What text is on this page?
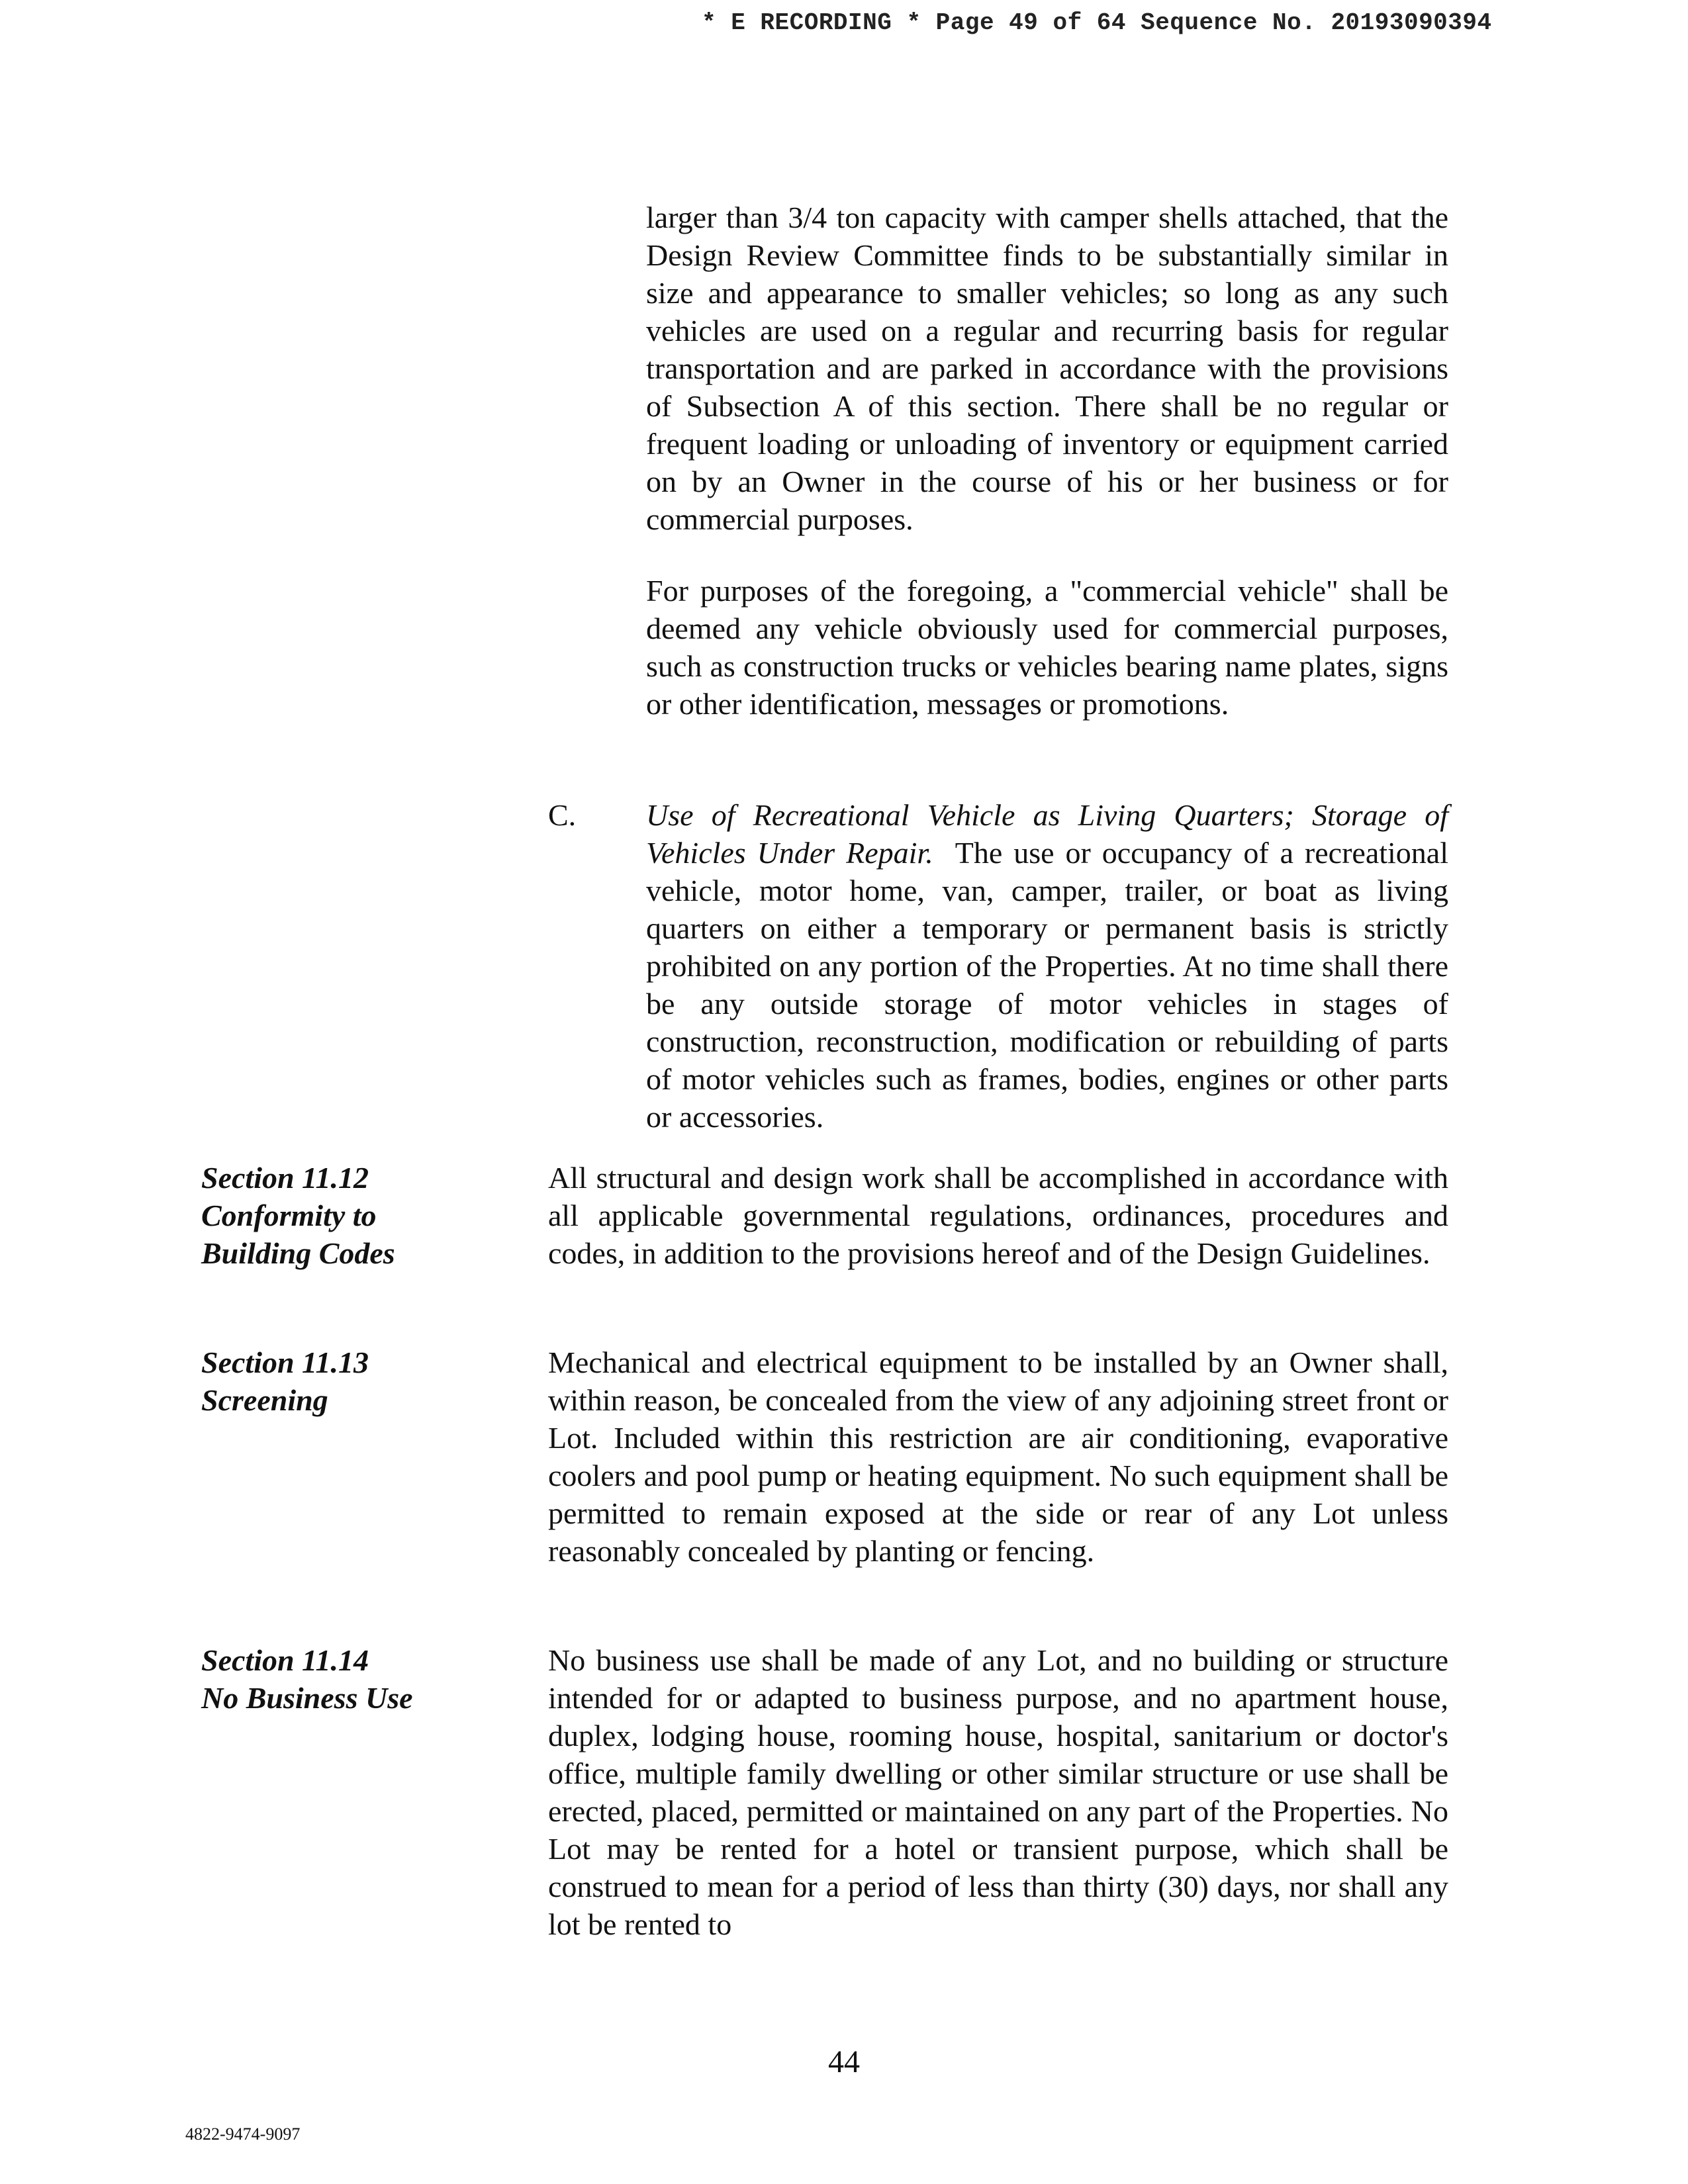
* E RECORDING * Page 49 of 64 Sequence No. 20193090394

larger than 3/4 ton capacity with camper shells attached, that the Design Review Committee finds to be substantially similar in size and appearance to smaller vehicles; so long as any such vehicles are used on a regular and recurring basis for regular transportation and are parked in accordance with the provisions of Subsection A of this section. There shall be no regular or frequent loading or unloading of inventory or equipment carried on by an Owner in the course of his or her business or for commercial purposes.

For purposes of the foregoing, a "commercial vehicle" shall be deemed any vehicle obviously used for commercial purposes, such as construction trucks or vehicles bearing name plates, signs or other identification, messages or promotions.

C. Use of Recreational Vehicle as Living Quarters; Storage of Vehicles Under Repair. The use or occupancy of a recreational vehicle, motor home, van, camper, trailer, or boat as living quarters on either a temporary or permanent basis is strictly prohibited on any portion of the Properties. At no time shall there be any outside storage of motor vehicles in stages of construction, reconstruction, modification or rebuilding of parts of motor vehicles such as frames, bodies, engines or other parts or accessories.

Section 11.12
Conformity to
Building Codes

All structural and design work shall be accomplished in accordance with all applicable governmental regulations, ordinances, procedures and codes, in addition to the provisions hereof and of the Design Guidelines.

Section 11.13
Screening

Mechanical and electrical equipment to be installed by an Owner shall, within reason, be concealed from the view of any adjoining street front or Lot. Included within this restriction are air conditioning, evaporative coolers and pool pump or heating equipment. No such equipment shall be permitted to remain exposed at the side or rear of any Lot unless reasonably concealed by planting or fencing.

Section 11.14
No Business Use

No business use shall be made of any Lot, and no building or structure intended for or adapted to business purpose, and no apartment house, duplex, lodging house, rooming house, hospital, sanitarium or doctor's office, multiple family dwelling or other similar structure or use shall be erected, placed, permitted or maintained on any part of the Properties. No Lot may be rented for a hotel or transient purpose, which shall be construed to mean for a period of less than thirty (30) days, nor shall any lot be rented to

44
4822-9474-9097
